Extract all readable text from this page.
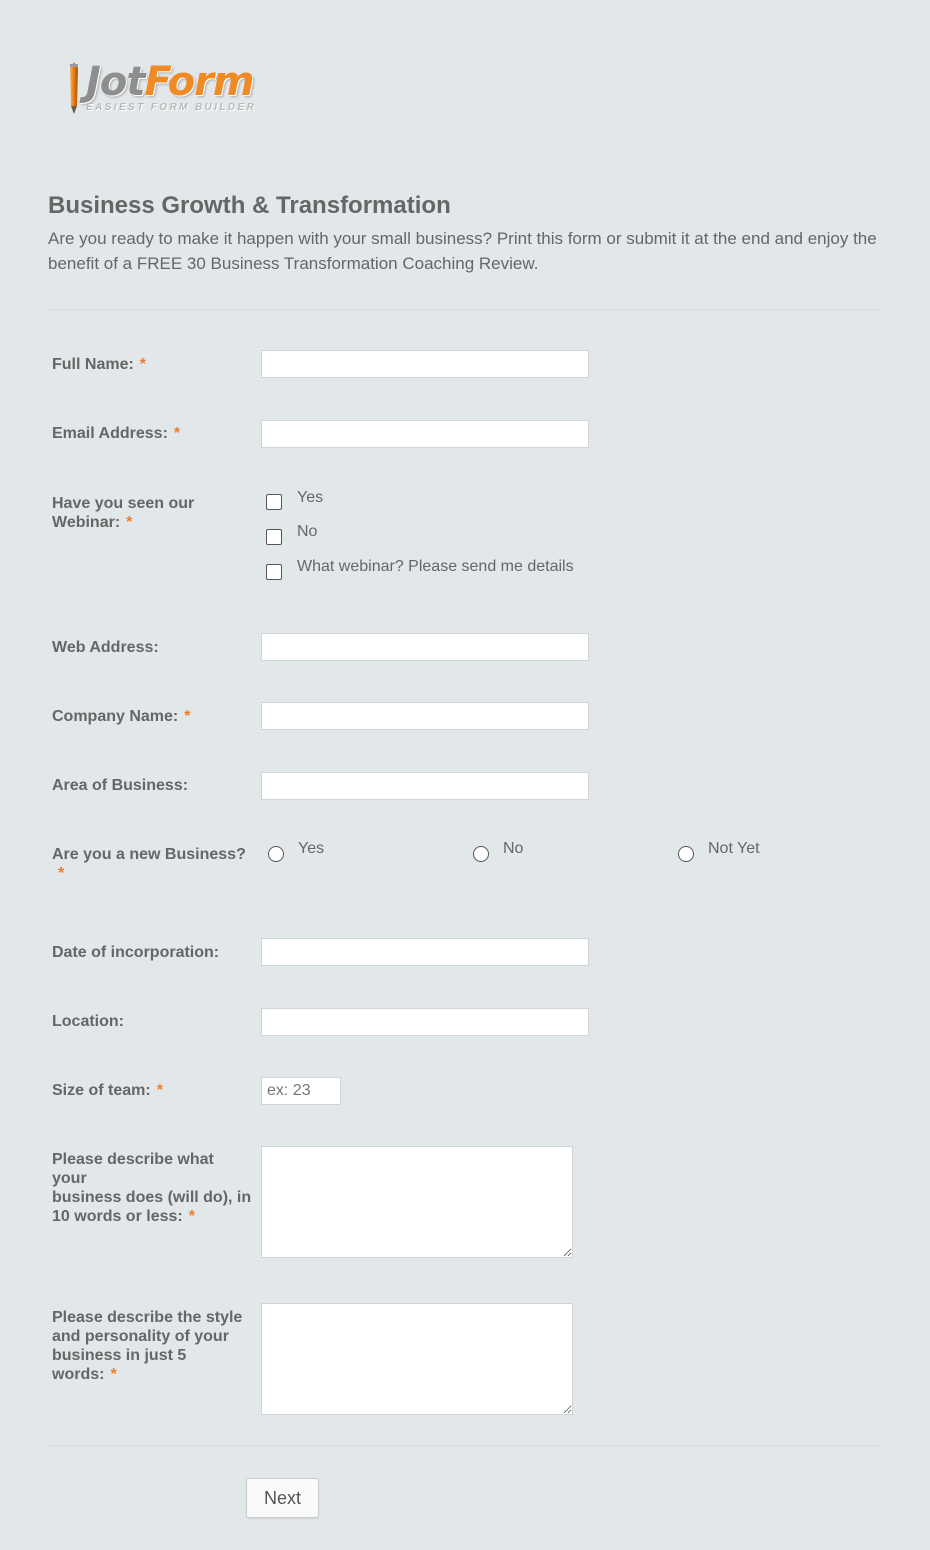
JotForm
EASIEST FORM BUILDER
Business Growth & Transformation

Are you ready to make it happen with your small business? Print this form or submit it at the end and enjoy the benefit of a FREE 30 Business Transformation Coaching Review.

Full Name: *
Email Address: *
Have you seen our
Webinar: *
Yes
No
What webinar? Please send me details
Web Address:
Company Name: *
Area of Business:
Are you a new Business?
*
Yes	No	Not Yet
Date of incorporation:
Location:
Size of team: *
ex: 23
Please describe what your
business does (will do), in
10 words or less: *
Please describe the style
and personality of your
business in just 5 words: *
Next
